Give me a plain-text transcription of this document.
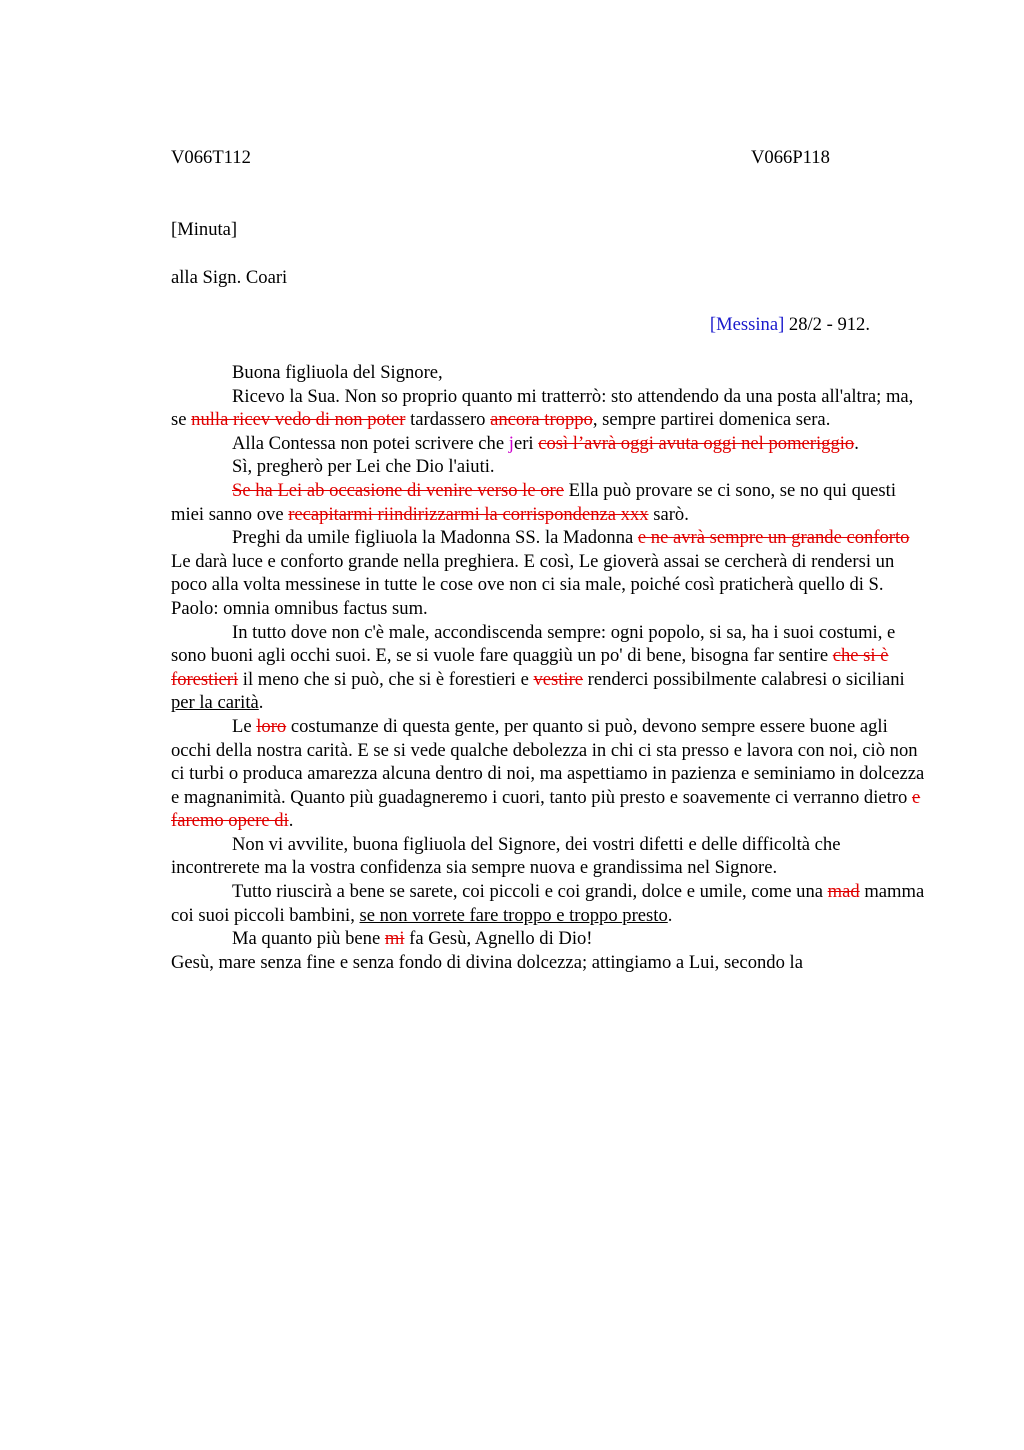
V066T112	V066P118
[Minuta]
alla Sign. Coari
[Messina] 28/2 - 912.

Buona figliuola del Signore,

Ricevo la Sua. Non so proprio quanto mi tratterrò: sto attendendo da una posta all'altra; ma, se nulla ricev vedo di non poter tardassero ancora troppo, sempre partirei domenica sera.

Alla Contessa non potei scrivere che jeri così l’avrà oggi avuta oggi nel pomeriggio.

Sì, pregherò per Lei che Dio l'aiuti.

Se ha Lei ab occasione di venire verso le ore Ella può provare se ci sono, se no qui questi miei sanno ove recapitarmi riindirizzarmi la corrispondenza xxx sarò.

Preghi da umile figliuola la Madonna SS. la Madonna e ne avrà sempre un grande conforto Le darà luce e conforto grande nella preghiera. E così, Le gioverà assai se cercherà di rendersi un poco alla volta messinese in tutte le cose ove non ci sia male, poiché così praticherà quello di S. Paolo: omnia omnibus factus sum.

In tutto dove non c'è male, accondiscenda sempre: ogni popolo, si sa, ha i suoi costumi, e sono buoni agli occhi suoi. E, se si vuole fare quaggiù un po' di bene, bisogna far sentire che si è forestieri il meno che si può, che si è forestieri e vestire renderci possibilmente calabresi o siciliani per la carità.

Le loro costumanze di questa gente, per quanto si può, devono sempre essere buone agli occhi della nostra carità. E se si vede qualche debolezza in chi ci sta presso e lavora con noi, ciò non ci turbi o produca amarezza alcuna dentro di noi, ma aspettiamo in pazienza e seminiamo in dolcezza e magnanimità. Quanto più guadagneremo i cuori, tanto più presto e soavemente ci verranno dietro e faremo opere di.

Non vi avvilite, buona figliuola del Signore, dei vostri difetti e delle difficoltà che incontrerete ma la vostra confidenza sia sempre nuova e grandissima nel Signore.

Tutto riuscirà a bene se sarete, coi piccoli e coi grandi, dolce e umile, come una mad mamma coi suoi piccoli bambini, se non vorrete fare troppo e troppo presto.

Ma quanto più bene mi fa Gesù, Agnello di Dio!

Gesù, mare senza fine e senza fondo di divina dolcezza; attingiamo a Lui, secondo la
